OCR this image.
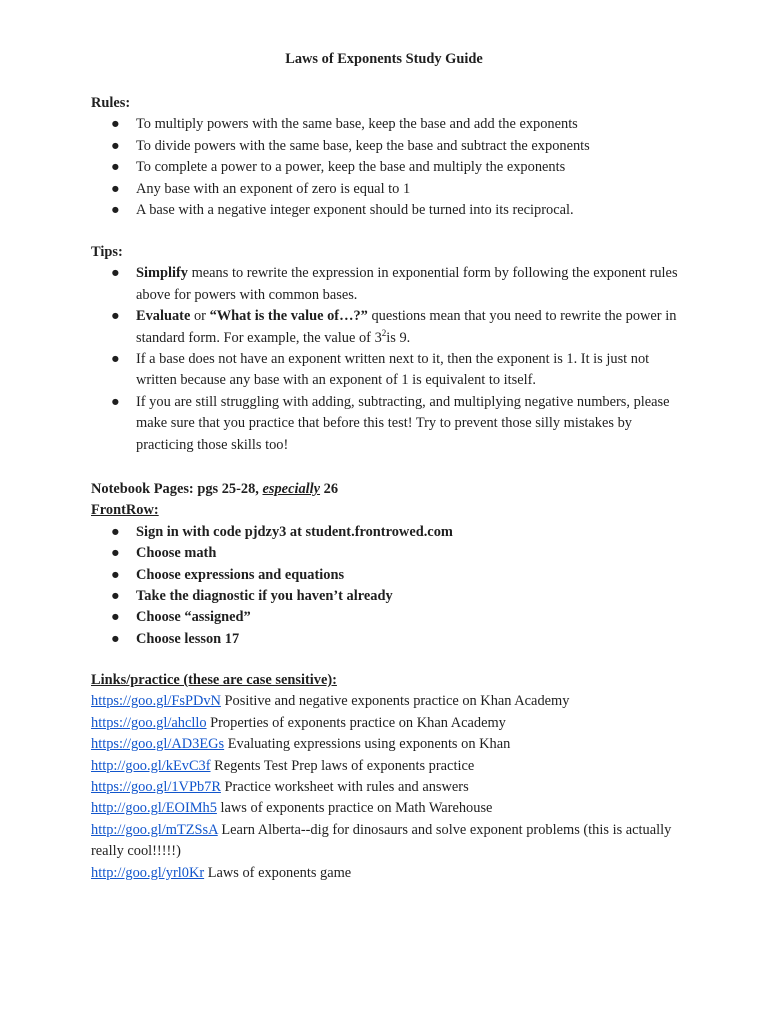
Laws of Exponents Study Guide
Rules:
● To multiply powers with the same base, keep the base and add the exponents
● To divide powers with the same base, keep the base and subtract the exponents
● To complete a power to a power, keep the base and multiply the exponents
● Any base with an exponent of zero is equal to 1
● A base with a negative integer exponent should be turned into its reciprocal.
Tips:
● Simplify means to rewrite the expression in exponential form by following the exponent rules above for powers with common bases.
● Evaluate or “What is the value of…?” questions mean that you need to rewrite the power in standard form. For example, the value of $3^2is$ 9.
● If a base does not have an exponent written next to it, then the exponent is 1. It is just not written because any base with an exponent of 1 is equivalent to itself.
● If you are still struggling with adding, subtracting, and multiplying negative numbers, please make sure that you practice that before this test! Try to prevent those silly mistakes by practicing those skills too!
Notebook Pages: pgs 25-28, especially 26
FrontRow:
● Sign in with code pjdzy3 at student.frontrowed.com
● Choose math
● Choose expressions and equations
● Take the diagnostic if you haven’t already
● Choose “assigned”
● Choose lesson 17
Links/practice (these are case sensitive):
https://goo.gl/FsPDvN Positive and negative exponents practice on Khan Academy
https://goo.gl/ahcllo Properties of exponents practice on Khan Academy
https://goo.gl/AD3EGs Evaluating expressions using exponents on Khan
http://goo.gl/kEvC3f Regents Test Prep laws of exponents practice
https://goo.gl/1VPb7R Practice worksheet with rules and answers
http://goo.gl/EOIMh5 laws of exponents practice on Math Warehouse
http://goo.gl/mTZSsA Learn Alberta--dig for dinosaurs and solve exponent problems (this is actually really cool!!!!!)
http://goo.gl/yrl0Kr Laws of exponents game
